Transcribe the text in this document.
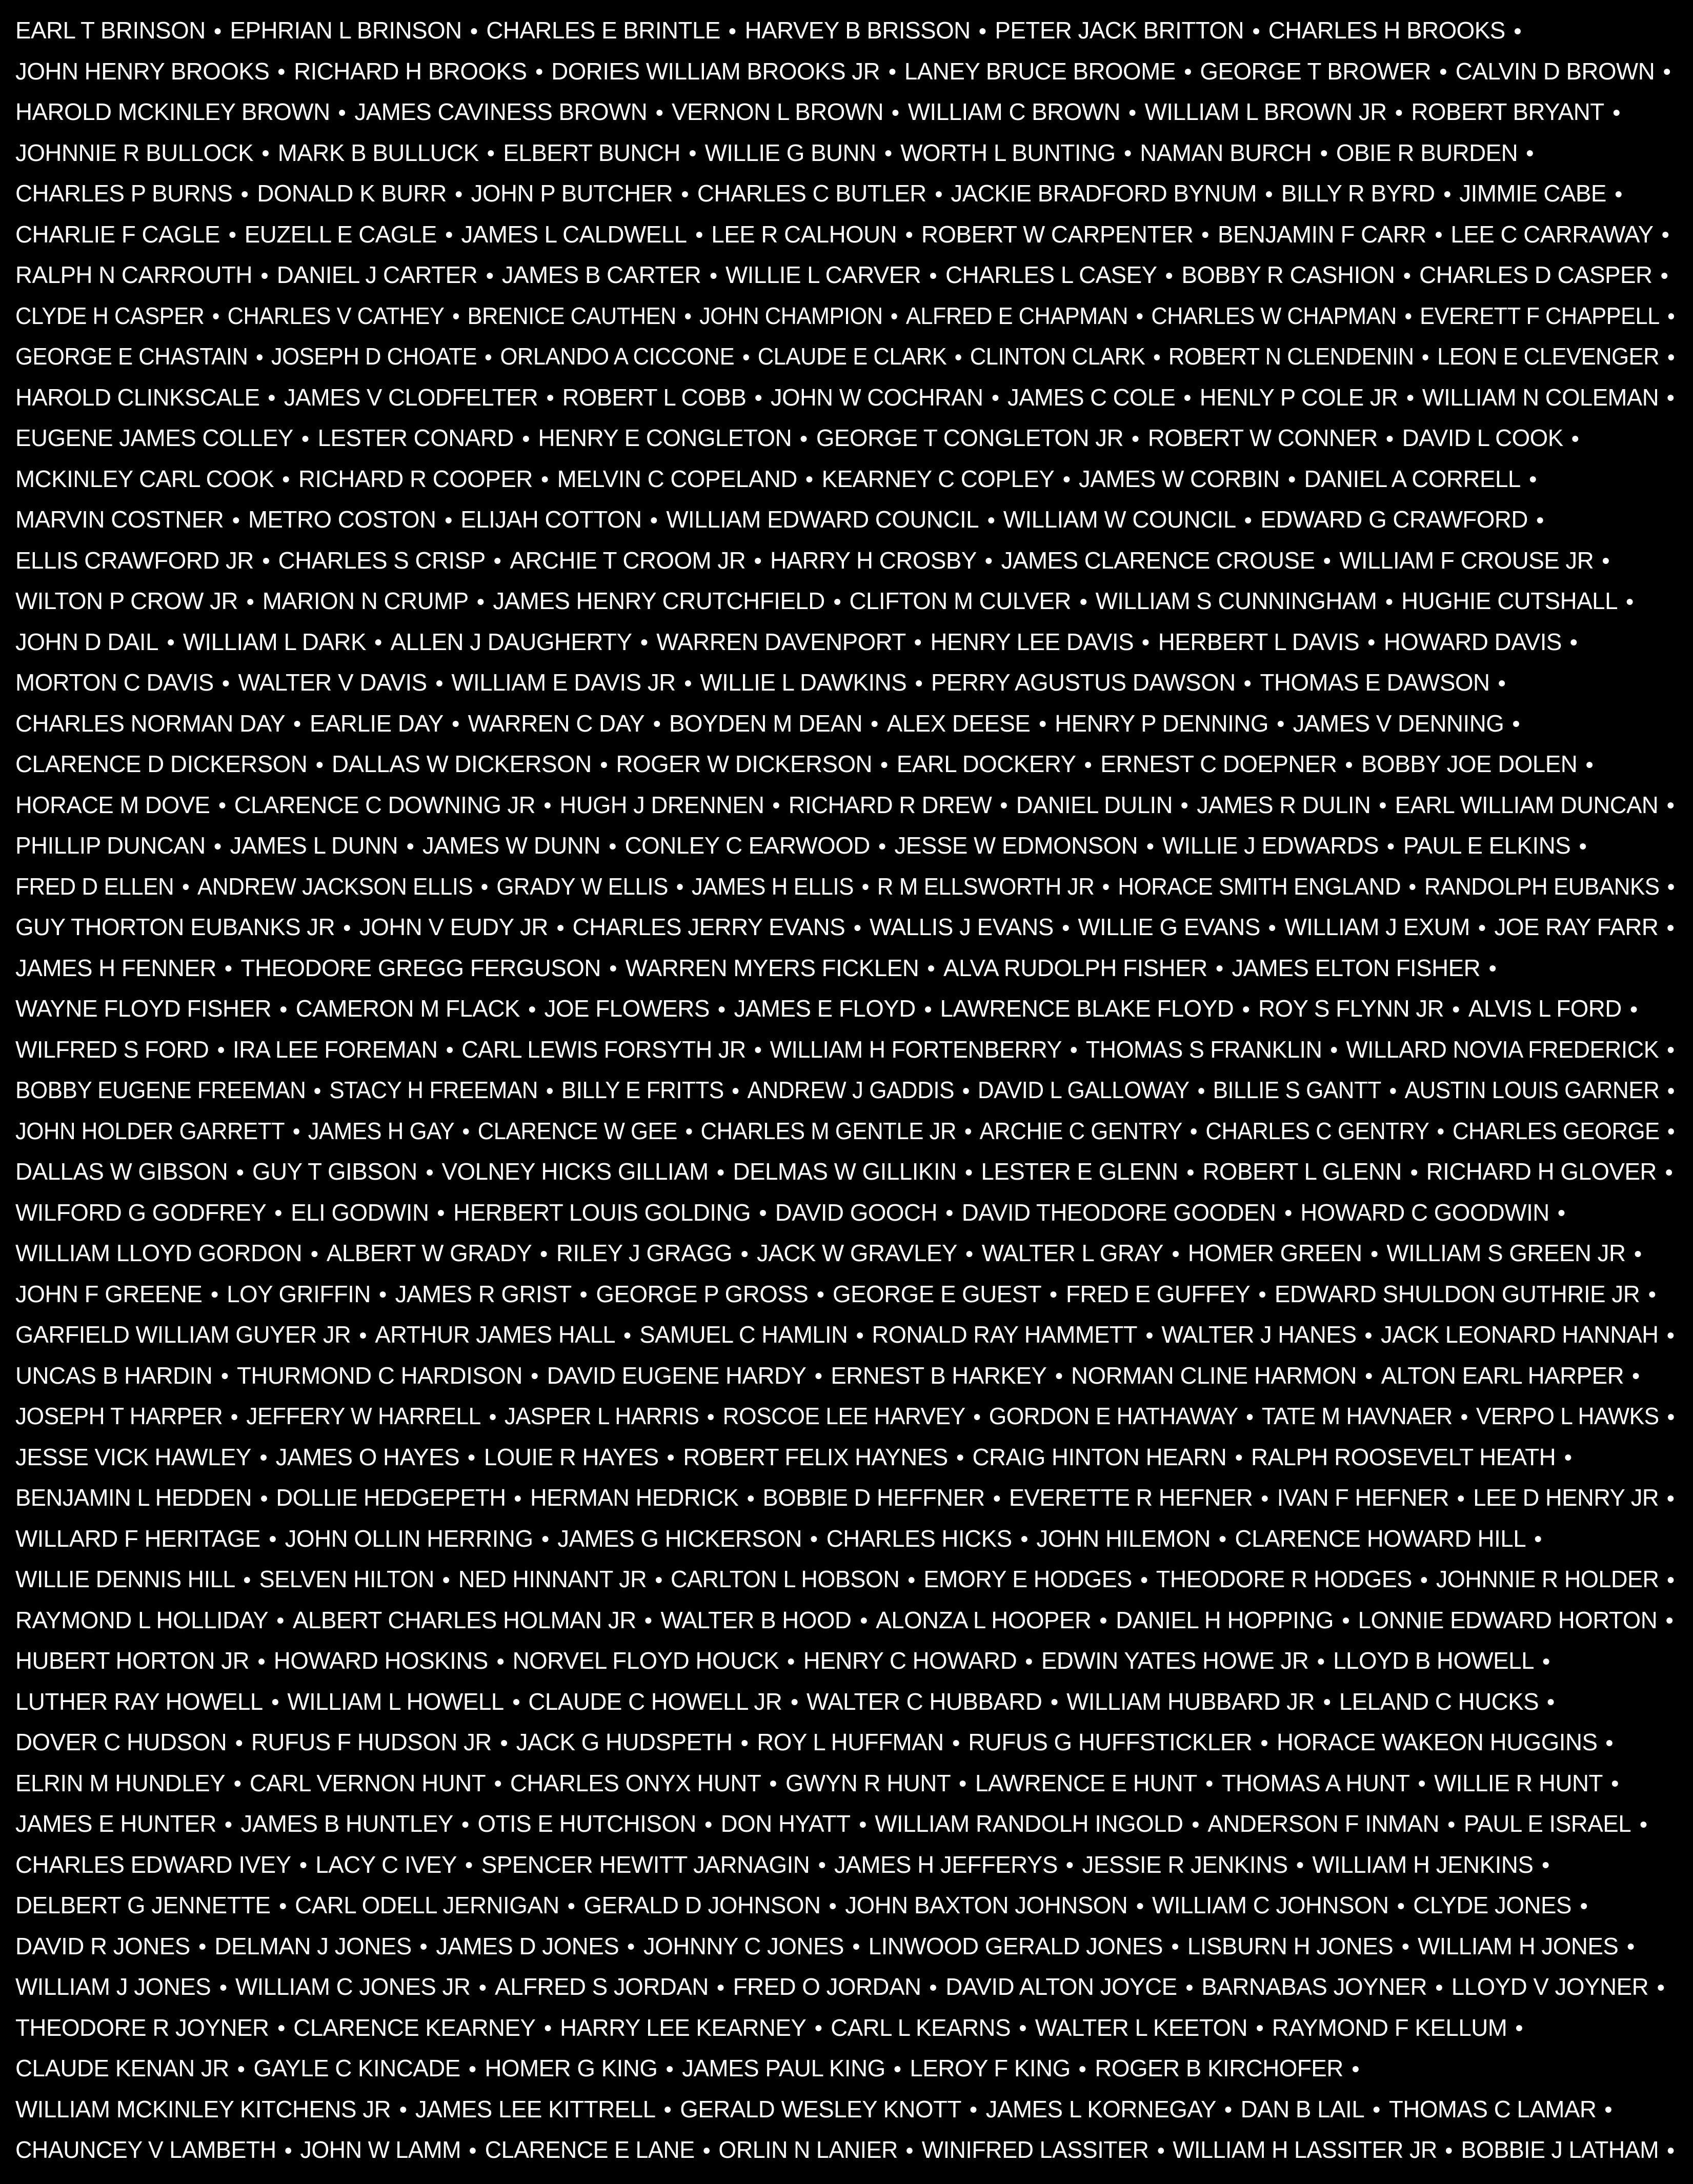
EARL T BRINSON EPHRIAN L BRINSON CHARLES E BRINTLE HARVEY B BRISSON PETER JACK BRITTON CHARLES H BROOKS
JOHN HENRY BROOKS RICHARD H BROOKS DORIES WILLIAM BROOKS JR LANEY BRUCE BROOME GEORGE T BROWER CALVIN D BROWN
HAROLD MCKINLEY BROWN JAMES CAVINESS BROWN VERNON L BROWN WILLIAM C BROWN WILLIAM L BROWN JR ROBERT BRYANT
JOHNNIE R BULLOCK MARK B BULLUCK ELBERT BUNCH WILLIE G BUNN WORTH L BUNTING NAMAN BURCH OBIE R BURDEN
CHARLES P BURNS DONALD K BURR JOHN P BUTCHER CHARLES C BUTLER JACKIE BRADFORD BYNUM BILLY R BYRD JIMMIE CABE
CHARLIE F CAGLE EUZELL E CAGLE JAMES L CALDWELL LEE R CALHOUN ROBERT W CARPENTER BENJAMIN F CARR LEE C CARRAWAY
RALPH N CARROUTH DANIEL J CARTER JAMES B CARTER WILLIE L CARVER CHARLES L CASEY BOBBY R CASHION CHARLES D CASPER
CLYDE H CASPER CHARLES V CATHEY BRENICE CAUTHEN JOHN CHAMPION ALFRED E CHAPMAN CHARLES W CHAPMAN EVERETT F CHAPPELL
GEORGE E CHASTAIN JOSEPH D CHOATE ORLANDO A CICCONE CLAUDE E CLARK CLINTON CLARK ROBERT N CLENDENIN LEON E CLEVENGER
HAROLD CLINKSCALE JAMES V CLODFELTER ROBERT L COBB JOHN W COCHRAN JAMES C COLE HENLY P COLE JR WILLIAM N COLEMAN
EUGENE JAMES COLLEY LESTER CONARD HENRY E CONGLETON GEORGE T CONGLETON JR ROBERT W CONNER DAVID L COOK
MCKINLEY CARL COOK RICHARD R COOPER MELVIN C COPELAND KEARNEY C COPLEY JAMES W CORBIN DANIEL A CORRELL
MARVIN COSTNER METRO COSTON ELIJAH COTTON WILLIAM EDWARD COUNCIL WILLIAM W COUNCIL EDWARD G CRAWFORD
ELLIS CRAWFORD JR CHARLES S CRISP ARCHIE T CROOM JR HARRY H CROSBY JAMES CLARENCE CROUSE WILLIAM F CROUSE JR
WILTON P CROW JR MARION N CRUMP JAMES HENRY CRUTCHFIELD CLIFTON M CULVER WILLIAM S CUNNINGHAM HUGHIE CUTSHALL
JOHN D DAIL WILLIAM L DARK ALLEN J DAUGHERTY WARREN DAVENPORT HENRY LEE DAVIS HERBERT L DAVIS HOWARD DAVIS
MORTON C DAVIS WALTER V DAVIS WILLIAM E DAVIS JR WILLIE L DAWKINS PERRY AGUSTUS DAWSON THOMAS E DAWSON
CHARLES NORMAN DAY EARLIE DAY WARREN C DAY BOYDEN M DEAN ALEX DEESE HENRY P DENNING JAMES V DENNING
CLARENCE D DICKERSON DALLAS W DICKERSON ROGER W DICKERSON EARL DOCKERY ERNEST C DOEPNER BOBBY JOE DOLEN
HORACE M DOVE CLARENCE C DOWNING JR HUGH J DRENNEN RICHARD R DREW DANIEL DULIN JAMES R DULIN EARL WILLIAM DUNCAN
PHILLIP DUNCAN JAMES L DUNN JAMES W DUNN CONLEY C EARWOOD JESSE W EDMONSON WILLIE J EDWARDS PAUL E ELKINS
FRED D ELLEN ANDREW JACKSON ELLIS GRADY W ELLIS JAMES H ELLIS R M ELLSWORTH JR HORACE SMITH ENGLAND RANDOLPH EUBANKS
GUY THORTON EUBANKS JR JOHN V EUDY JR CHARLES JERRY EVANS WALLIS J EVANS WILLIE G EVANS WILLIAM J EXUM JOE RAY FARR
JAMES H FENNER THEODORE GREGG FERGUSON WARREN MYERS FICKLEN ALVA RUDOLPH FISHER JAMES ELTON FISHER
WAYNE FLOYD FISHER CAMERON M FLACK JOE FLOWERS JAMES E FLOYD LAWRENCE BLAKE FLOYD ROY S FLYNN JR ALVIS L FORD
WILFRED S FORD IRA LEE FOREMAN CARL LEWIS FORSYTH JR WILLIAM H FORTENBERRY THOMAS S FRANKLIN WILLARD NOVIA FREDERICK
BOBBY EUGENE FREEMAN STACY H FREEMAN BILLY E FRITTS ANDREW J GADDIS DAVID L GALLOWAY BILLIE S GANTT AUSTIN LOUIS GARNER
JOHN HOLDER GARRETT JAMES H GAY CLARENCE W GEE CHARLES M GENTLE JR ARCHIE C GENTRY CHARLES C GENTRY CHARLES GEORGE
DALLAS W GIBSON GUY T GIBSON VOLNEY HICKS GILLIAM DELMAS W GILLIKIN LESTER E GLENN ROBERT L GLENN RICHARD H GLOVER
WILFORD G GODFREY ELI GODWIN HERBERT LOUIS GOLDING DAVID GOOCH DAVID THEODORE GOODEN HOWARD C GOODWIN
WILLIAM LLOYD GORDON ALBERT W GRADY RILEY J GRAGG JACK W GRAVLEY WALTER L GRAY HOMER GREEN WILLIAM S GREEN JR
JOHN F GREENE LOY GRIFFIN JAMES R GRIST GEORGE P GROSS GEORGE E GUEST FRED E GUFFEY EDWARD SHULDON GUTHRIE JR
GARFIELD WILLIAM GUYER JR ARTHUR JAMES HALL SAMUEL C HAMLIN RONALD RAY HAMMETT WALTER J HANES JACK LEONARD HANNAH
UNCAS B HARDIN THURMOND C HARDISON DAVID EUGENE HARDY ERNEST B HARKEY NORMAN CLINE HARMON ALTON EARL HARPER
JOSEPH T HARPER JEFFERY W HARRELL JASPER L HARRIS ROSCOE LEE HARVEY GORDON E HATHAWAY TATE M HAVNAER VERPO L HAWKS
JESSE VICK HAWLEY JAMES O HAYES LOUIE R HAYES ROBERT FELIX HAYNES CRAIG HINTON HEARN RALPH ROOSEVELT HEATH
BENJAMIN L HEDDEN DOLLIE HEDGEPETH HERMAN HEDRICK BOBBIE D HEFFNER EVERETTE R HEFNER IVAN F HEFNER LEE D HENRY JR
WILLARD F HERITAGE JOHN OLLIN HERRING JAMES G HICKERSON CHARLES HICKS JOHN HILEMON CLARENCE HOWARD HILL
WILLIE DENNIS HILL SELVEN HILTON NED HINNANT JR CARLTON L HOBSON EMORY E HODGES THEODORE R HODGES JOHNNIE R HOLDER
RAYMOND L HOLLIDAY ALBERT CHARLES HOLMAN JR WALTER B HOOD ALONZA L HOOPER DANIEL H HOPPING LONNIE EDWARD HORTON
HUBERT HORTON JR HOWARD HOSKINS NORVEL FLOYD HOUCK HENRY C HOWARD EDWIN YATES HOWE JR LLOYD B HOWELL
LUTHER RAY HOWELL WILLIAM L HOWELL CLAUDE C HOWELL JR WALTER C HUBBARD WILLIAM HUBBARD JR LELAND C HUCKS
DOVER C HUDSON RUFUS F HUDSON JR JACK G HUDSPETH ROY L HUFFMAN RUFUS G HUFFSTICKLER HORACE WAKEON HUGGINS
ELRIN M HUNDLEY CARL VERNON HUNT CHARLES ONYX HUNT GWYN R HUNT LAWRENCE E HUNT THOMAS A HUNT WILLIE R HUNT
JAMES E HUNTER JAMES B HUNTLEY OTIS E HUTCHISON DON HYATT WILLIAM RANDOLH INGOLD ANDERSON F INMAN PAUL E ISRAEL
CHARLES EDWARD IVEY LACY C IVEY SPENCER HEWITT JARNAGIN JAMES H JEFFERYS JESSIE R JENKINS WILLIAM H JENKINS
DELBERT G JENNETTE CARL ODELL JERNIGAN GERALD D JOHNSON JOHN BAXTON JOHNSON WILLIAM C JOHNSON CLYDE JONES
DAVID R JONES DELMAN J JONES JAMES D JONES JOHNNY C JONES LINWOOD GERALD JONES LISBURN H JONES WILLIAM H JONES
WILLIAM J JONES WILLIAM C JONES JR ALFRED S JORDAN FRED O JORDAN DAVID ALTON JOYCE BARNABAS JOYNER LLOYD V JOYNER
THEODORE R JOYNER CLARENCE KEARNEY HARRY LEE KEARNEY CARL L KEARNS WALTER L KEETON RAYMOND F KELLUM
CLAUDE KENAN JR GAYLE C KINCADE HOMER G KING JAMES PAUL KING LEROY F KING ROGER B KIRCHOFER
WILLIAM MCKINLEY KITCHENS JR JAMES LEE KITTRELL GERALD WESLEY KNOTT JAMES L KORNEGAY DAN B LAIL THOMAS C LAMAR
CHAUNCEY V LAMBETH JOHN W LAMM CLARENCE E LANE ORLIN N LANIER WINIFRED LASSITER WILLIAM H LASSITER JR BOBBIE J LATHAM
